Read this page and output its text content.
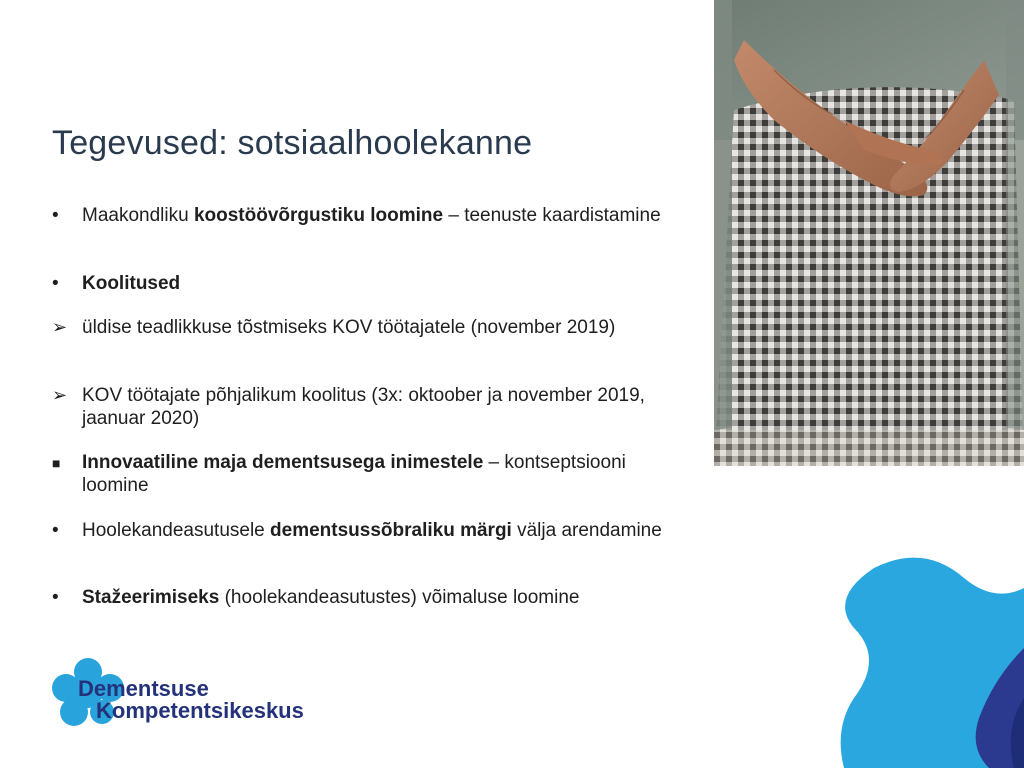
Tegevused: sotsiaalhoolekanne
•	Maakondliku koostöövõrgustiku loomine – teenuste kaardistamine
•	Koolitused
➢ üldise teadlikkuse tõstmiseks KOV töötajatele (november 2019)
➢ KOV töötajate põhjalikum koolitus (3x: oktoober ja november 2019, jaanuar 2020)
■	Innovaatiline maja dementsusega inimestele – kontseptsiooni loomine
•	Hoolekandeasutusele dementsussõbraliku märgi välja arendamine
•	Stažeerimiseks (hoolekandeasutustes) võimaluse loomine
Dementsuse
Kompetentsikeskus
